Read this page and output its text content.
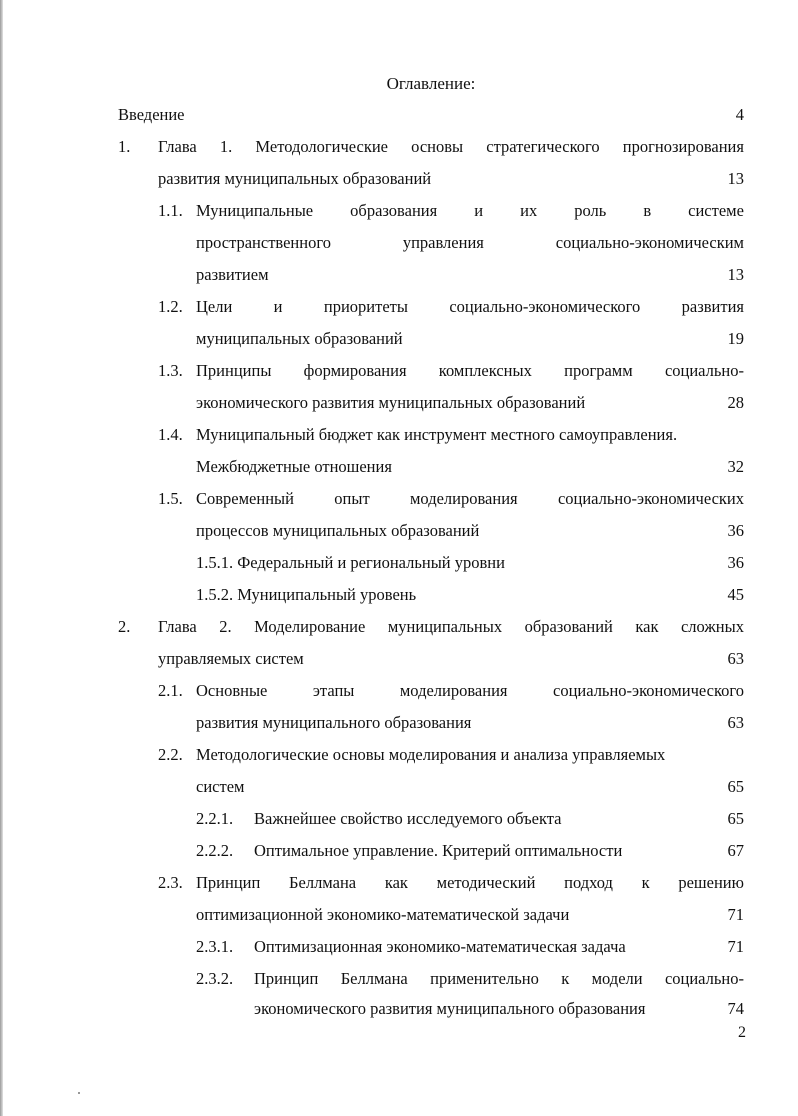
Оглавление:
Введение	4
1. Глава 1. Методологические основы стратегического прогнозирования
развития муниципальных образований	13
1.1. Муниципальные образования и их роль в системе
пространственного	управления	социально-экономическим
развитием	13
1.2. Цели	и	приоритеты	социально-экономического	развития
муниципальных образований	19
1.3. Принципы формирования комплексных программ социально-
экономического развития муниципальных образований	28
1.4. Муниципальный бюджет как инструмент местного самоуправления.
Межбюджетные отношения	32
1.5. Современный опыт моделирования социально-экономических
процессов муниципальных образований	36
1.5.1. Федеральный и региональный уровни	36
1.5.2. Муниципальный уровень	45
2. Глава 2. Моделирование муниципальных образований как сложных
управляемых систем	63
2.1. Основные	этапы	моделирования	социально-экономического
развития муниципального образования	63
2.2. Методологические основы моделирования и анализа управляемых
систем	65
2.2.1. Важнейшее свойство исследуемого объекта	65
2.2.2. Оптимальное управление. Критерий оптимальности	67
2.3. Принцип Беллмана как методический подход к решению
оптимизационной экономико-математической задачи	71
2.3.1. Оптимизационная экономико-математическая задача	71
2.3.2. Принцип Беллмана применительно к модели социально-
экономического развития муниципального образования	74
2
